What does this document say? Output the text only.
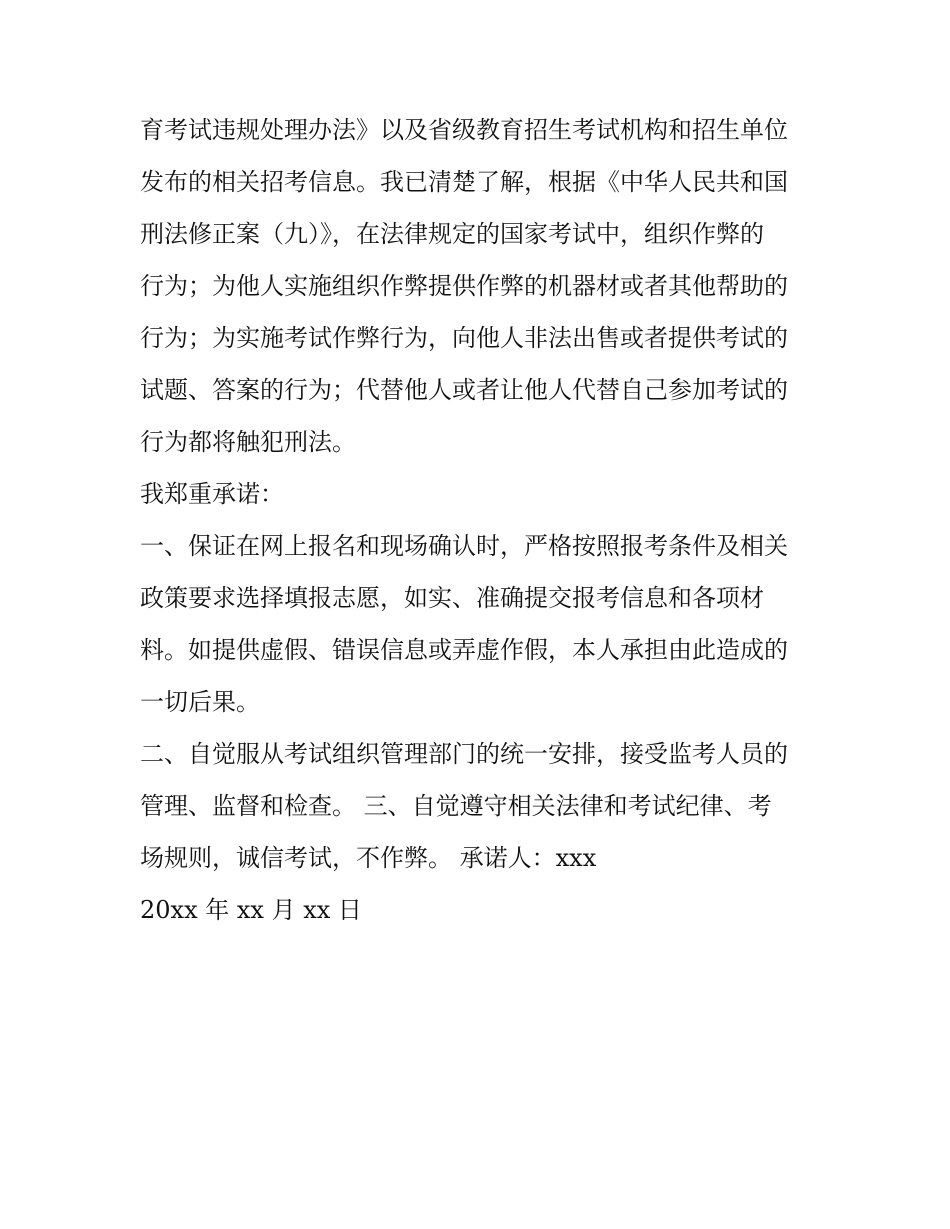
育考试违规处理办法》以及省级教育招生考试机构和招生单位
发布的相关招考信息。我已清楚了解，根据《中华人民共和国
刑法修正案（九）》，在法律规定的国家考试中，组织作弊的
行为；为他人实施组织作弊提供作弊的机器材或者其他帮助的
行为；为实施考试作弊行为，向他人非法出售或者提供考试的
试题、答案的行为；代替他人或者让他人代替自己参加考试的
行为都将触犯刑法。
我郑重承诺：
一、保证在网上报名和现场确认时，严格按照报考条件及相关
政策要求选择填报志愿，如实、准确提交报考信息和各项材
料。如提供虚假、错误信息或弄虚作假，本人承担由此造成的
一切后果。
二、自觉服从考试组织管理部门的统一安排，接受监考人员的
管理、监督和检查。 三、自觉遵守相关法律和考试纪律、考
场规则，诚信考试，不作弊。 承诺人：xxx
20xx 年 xx 月 xx 日
